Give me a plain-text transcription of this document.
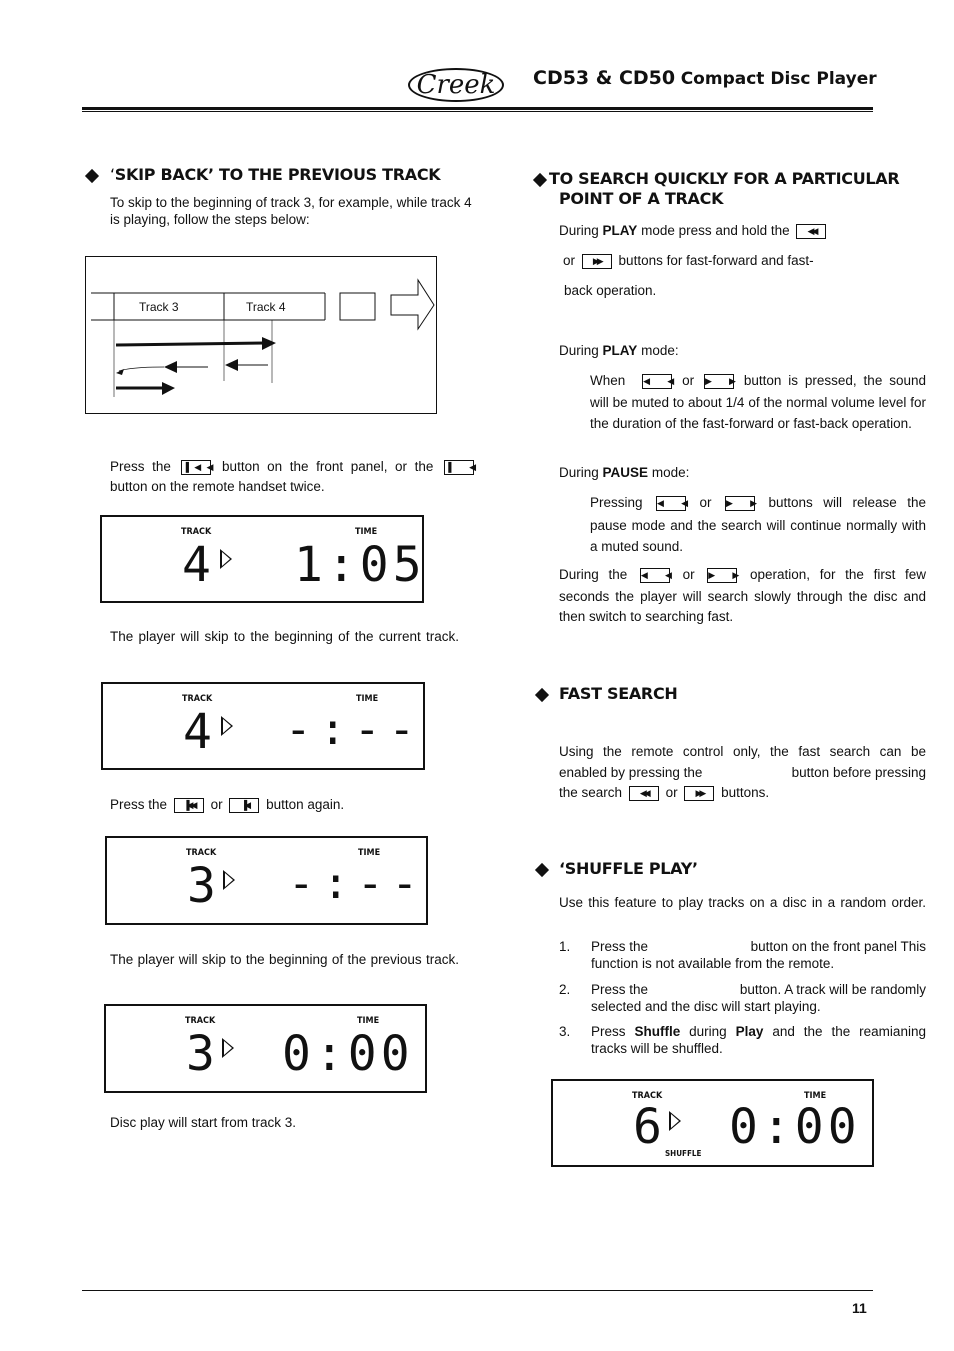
Creek	CD53 & CD50 Compact Disc Player
‘SKIP BACK’ TO THE PREVIOUS TRACK
To skip to the beginning of track 3, for example, while track 4 is playing, follow the steps below:
Track 3	Track 4
Press the ▐◀◀ button on the front panel, or the ▐◀
button on the remote handset twice.
TRACK	TIME
4 1:05
The player will skip to the beginning of the current track.
TRACK	TIME
4 -:--
Press the ▐◀◀ or ▐◀ button again.
TRACK	TIME
3 -:--
The player will skip to the beginning of the previous track.
TRACK	TIME
3 0:00
Disc play will start from track 3.
TO SEARCH QUICKLY FOR A PARTICULAR
POINT OF A TRACK
During PLAY mode press and hold the ◀◀
or ▶▶ buttons for fast-forward and fast-
back operation.
During PLAY mode:
When ◀◀ or ▶▶ button is pressed, the sound
will be muted to about 1/4 of the normal volume level for the duration of the fast-forward or fast-back operation.
During PAUSE mode:
Pressing ◀◀ or ▶▶ buttons will release the
pause mode and the search will continue normally with a muted sound.
During the ◀◀ or ▶▶ operation, for the first few
seconds the player will search slowly through the disc and then switch to searching fast.
FAST SEARCH
Using the remote control only, the fast search can be
enabled by pressing the	button before pressing
the search ◀◀ or ▶▶ buttons.
‘SHUFFLE PLAY’
Use this feature to play tracks on a disc in a random order.
1. Press the	button on the front panel This
function is not available from the remote.
2. Press the	button. A track will be randomly
selected and the disc will start playing.
3. Press Shuffle during Play and the the reamianing
tracks will be shuffled.
TRACK	TIME
6 0:00
SHUFFLE
11
